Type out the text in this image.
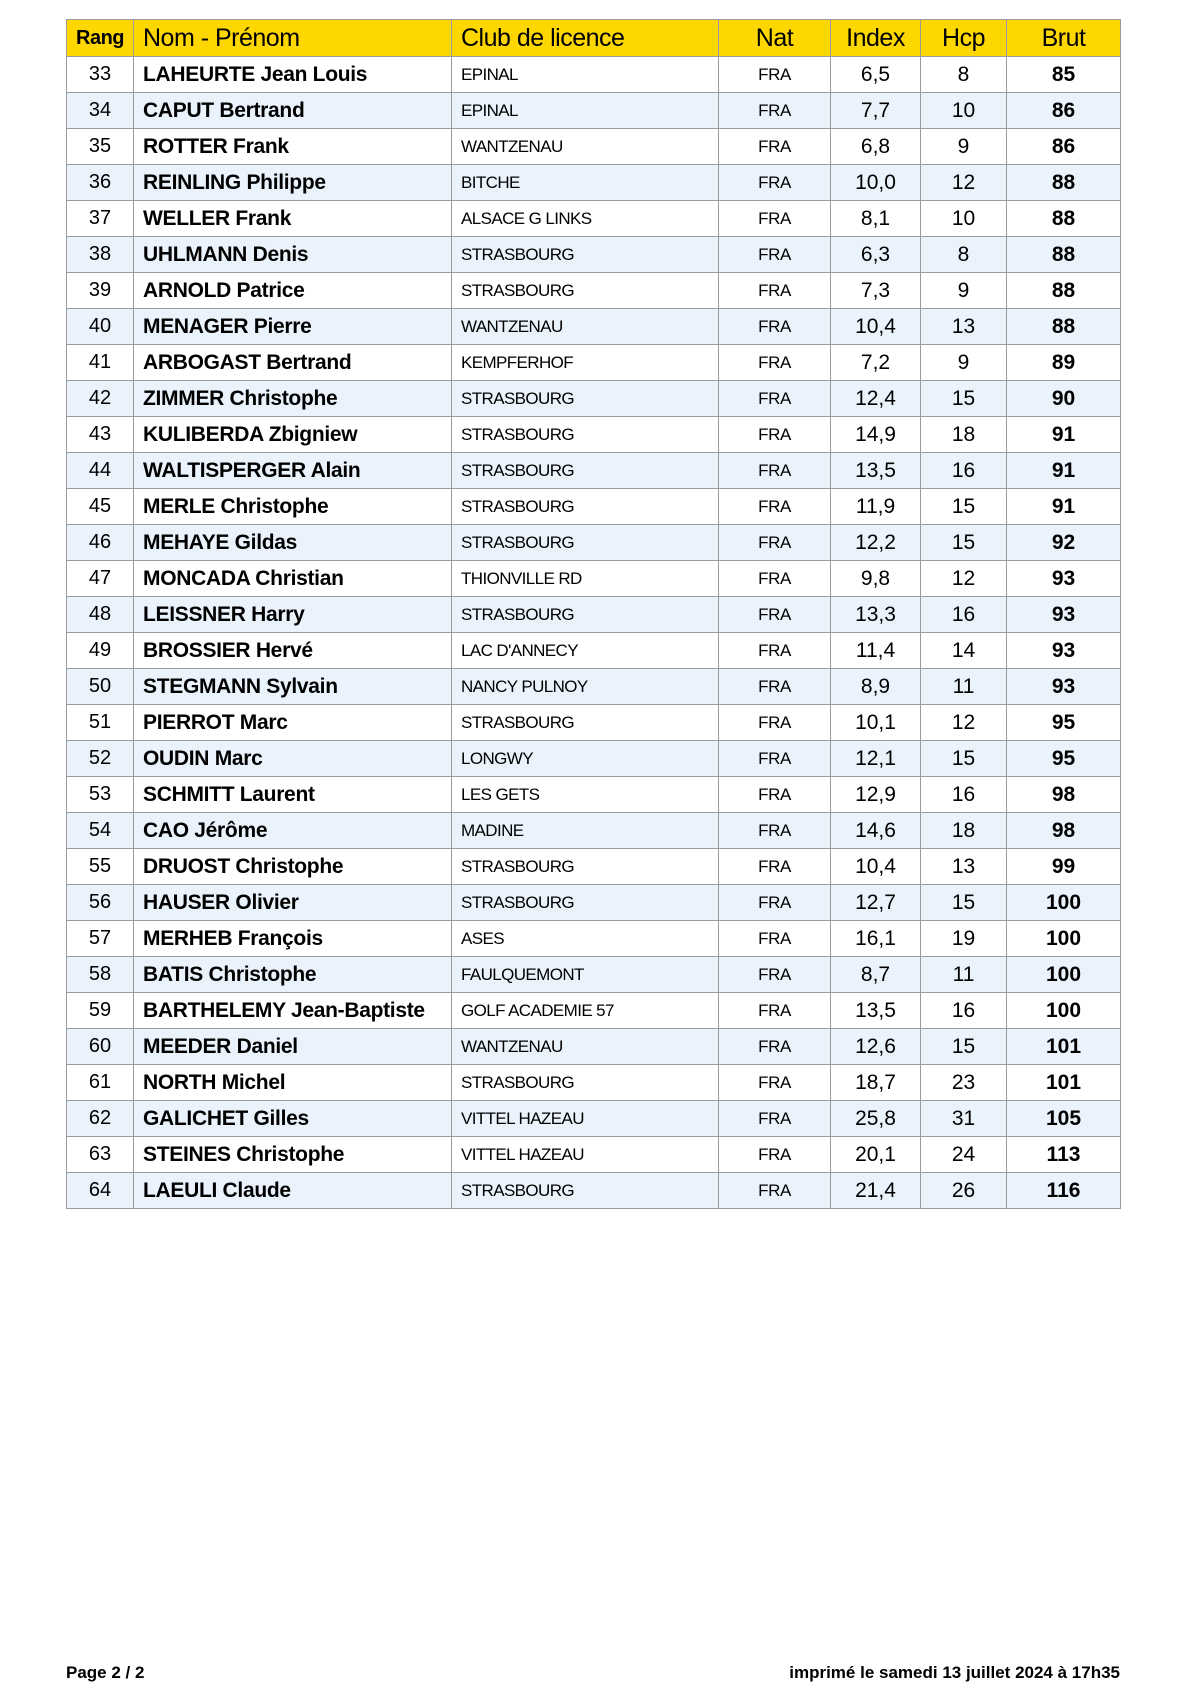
Rang	Nom - Prénom	Club de licence	Nat	Index	Hcp	Brut
33	LAHEURTE Jean Louis	EPINAL	FRA	6,5	8	85
34	CAPUT Bertrand	EPINAL	FRA	7,7	10	86
35	ROTTER Frank	WANTZENAU	FRA	6,8	9	86
36	REINLING Philippe	BITCHE	FRA	10,0	12	88
37	WELLER Frank	ALSACE G LINKS	FRA	8,1	10	88
38	UHLMANN Denis	STRASBOURG	FRA	6,3	8	88
39	ARNOLD Patrice	STRASBOURG	FRA	7,3	9	88
40	MENAGER Pierre	WANTZENAU	FRA	10,4	13	88
41	ARBOGAST Bertrand	KEMPFERHOF	FRA	7,2	9	89
42	ZIMMER Christophe	STRASBOURG	FRA	12,4	15	90
43	KULIBERDA Zbigniew	STRASBOURG	FRA	14,9	18	91
44	WALTISPERGER Alain	STRASBOURG	FRA	13,5	16	91
45	MERLE Christophe	STRASBOURG	FRA	11,9	15	91
46	MEHAYE Gildas	STRASBOURG	FRA	12,2	15	92
47	MONCADA Christian	THIONVILLE RD	FRA	9,8	12	93
48	LEISSNER Harry	STRASBOURG	FRA	13,3	16	93
49	BROSSIER Hervé	LAC D'ANNECY	FRA	11,4	14	93
50	STEGMANN Sylvain	NANCY PULNOY	FRA	8,9	11	93
51	PIERROT Marc	STRASBOURG	FRA	10,1	12	95
52	OUDIN Marc	LONGWY	FRA	12,1	15	95
53	SCHMITT Laurent	LES GETS	FRA	12,9	16	98
54	CAO Jérôme	MADINE	FRA	14,6	18	98
55	DRUOST Christophe	STRASBOURG	FRA	10,4	13	99
56	HAUSER Olivier	STRASBOURG	FRA	12,7	15	100
57	MERHEB François	ASES	FRA	16,1	19	100
58	BATIS Christophe	FAULQUEMONT	FRA	8,7	11	100
59	BARTHELEMY Jean-Baptiste	GOLF ACADEMIE 57	FRA	13,5	16	100
60	MEEDER Daniel	WANTZENAU	FRA	12,6	15	101
61	NORTH Michel	STRASBOURG	FRA	18,7	23	101
62	GALICHET Gilles	VITTEL HAZEAU	FRA	25,8	31	105
63	STEINES Christophe	VITTEL HAZEAU	FRA	20,1	24	113
64	LAEULI Claude	STRASBOURG	FRA	21,4	26	116
Page 2 / 2	imprimé le samedi 13 juillet 2024 à 17h35
